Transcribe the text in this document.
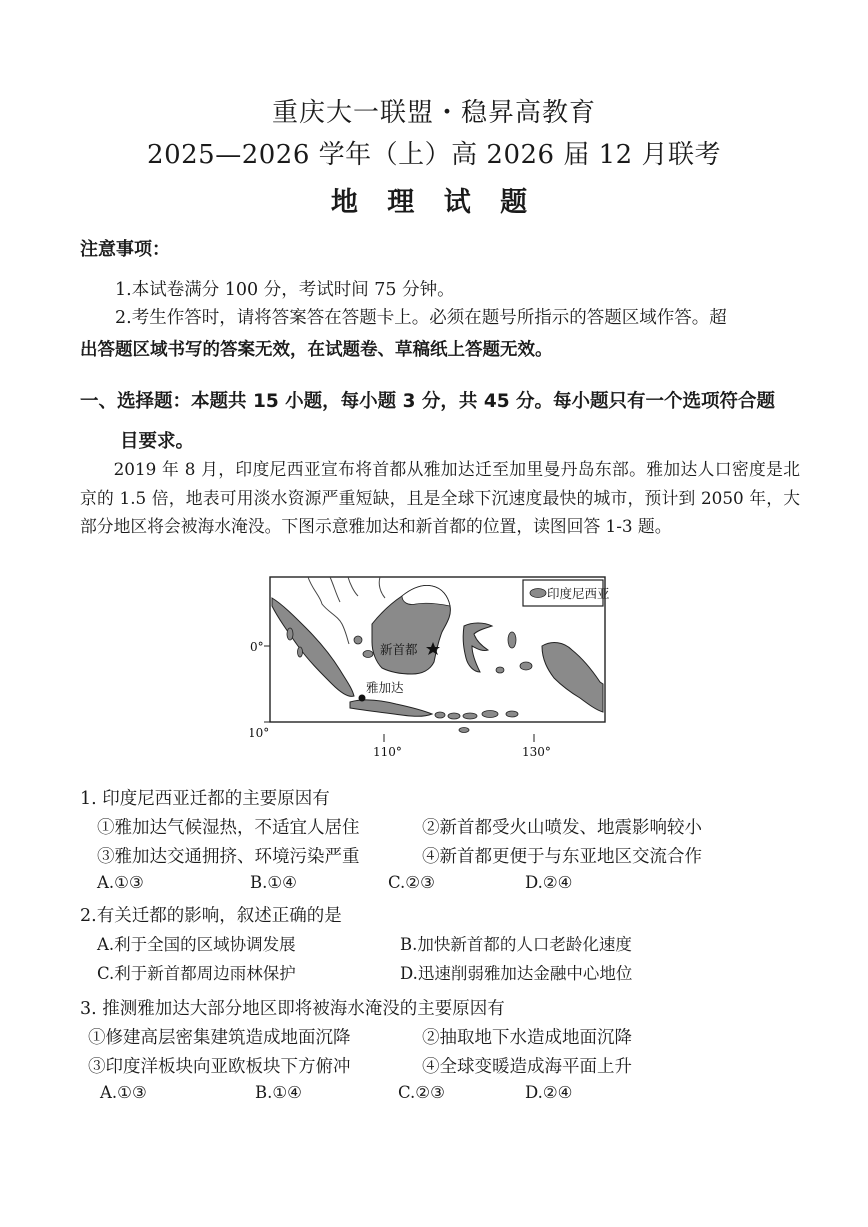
重庆大一联盟・稳昇高教育
2025—2026 学年（上）高 2026 届 12 月联考
地 理 试 题
注意事项：
1.本试卷满分 100 分，考试时间 75 分钟。
2.考生作答时，请将答案答在答题卡上。必须在题号所指示的答题区域作答。超
出答题区域书写的答案无效，在试题卷、草稿纸上答题无效。
一、选择题：本题共 15 小题，每小题 3 分，共 45 分。每小题只有一个选项符合题
目要求。
2019 年 8 月，印度尼西亚宣布将首都从雅加达迁至加里曼丹岛东部。雅加达人口密度是北京的 1.5 倍，地表可用淡水资源严重短缺，且是全球下沉速度最快的城市，预计到 2050 年，大部分地区将会被海水淹没。下图示意雅加达和新首都的位置，读图回答 1-3 题。
印度尼西亚
0°
10°
110°	130°
新首都
雅加达
1. 印度尼西亚迁都的主要原因有
①雅加达气候湿热，不适宜人居住	②新首都受火山喷发、地震影响较小
③雅加达交通拥挤、环境污染严重	④新首都更便于与东亚地区交流合作
A.①③	B.①④	C.②③	D.②④
2.有关迁都的影响，叙述正确的是
A.利于全国的区域协调发展	B.加快新首都的人口老龄化速度
C.利于新首都周边雨林保护	D.迅速削弱雅加达金融中心地位
3. 推测雅加达大部分地区即将被海水淹没的主要原因有
①修建高层密集建筑造成地面沉降	②抽取地下水造成地面沉降
③印度洋板块向亚欧板块下方俯冲	④全球变暖造成海平面上升
A.①③	B.①④	C.②③	D.②④
